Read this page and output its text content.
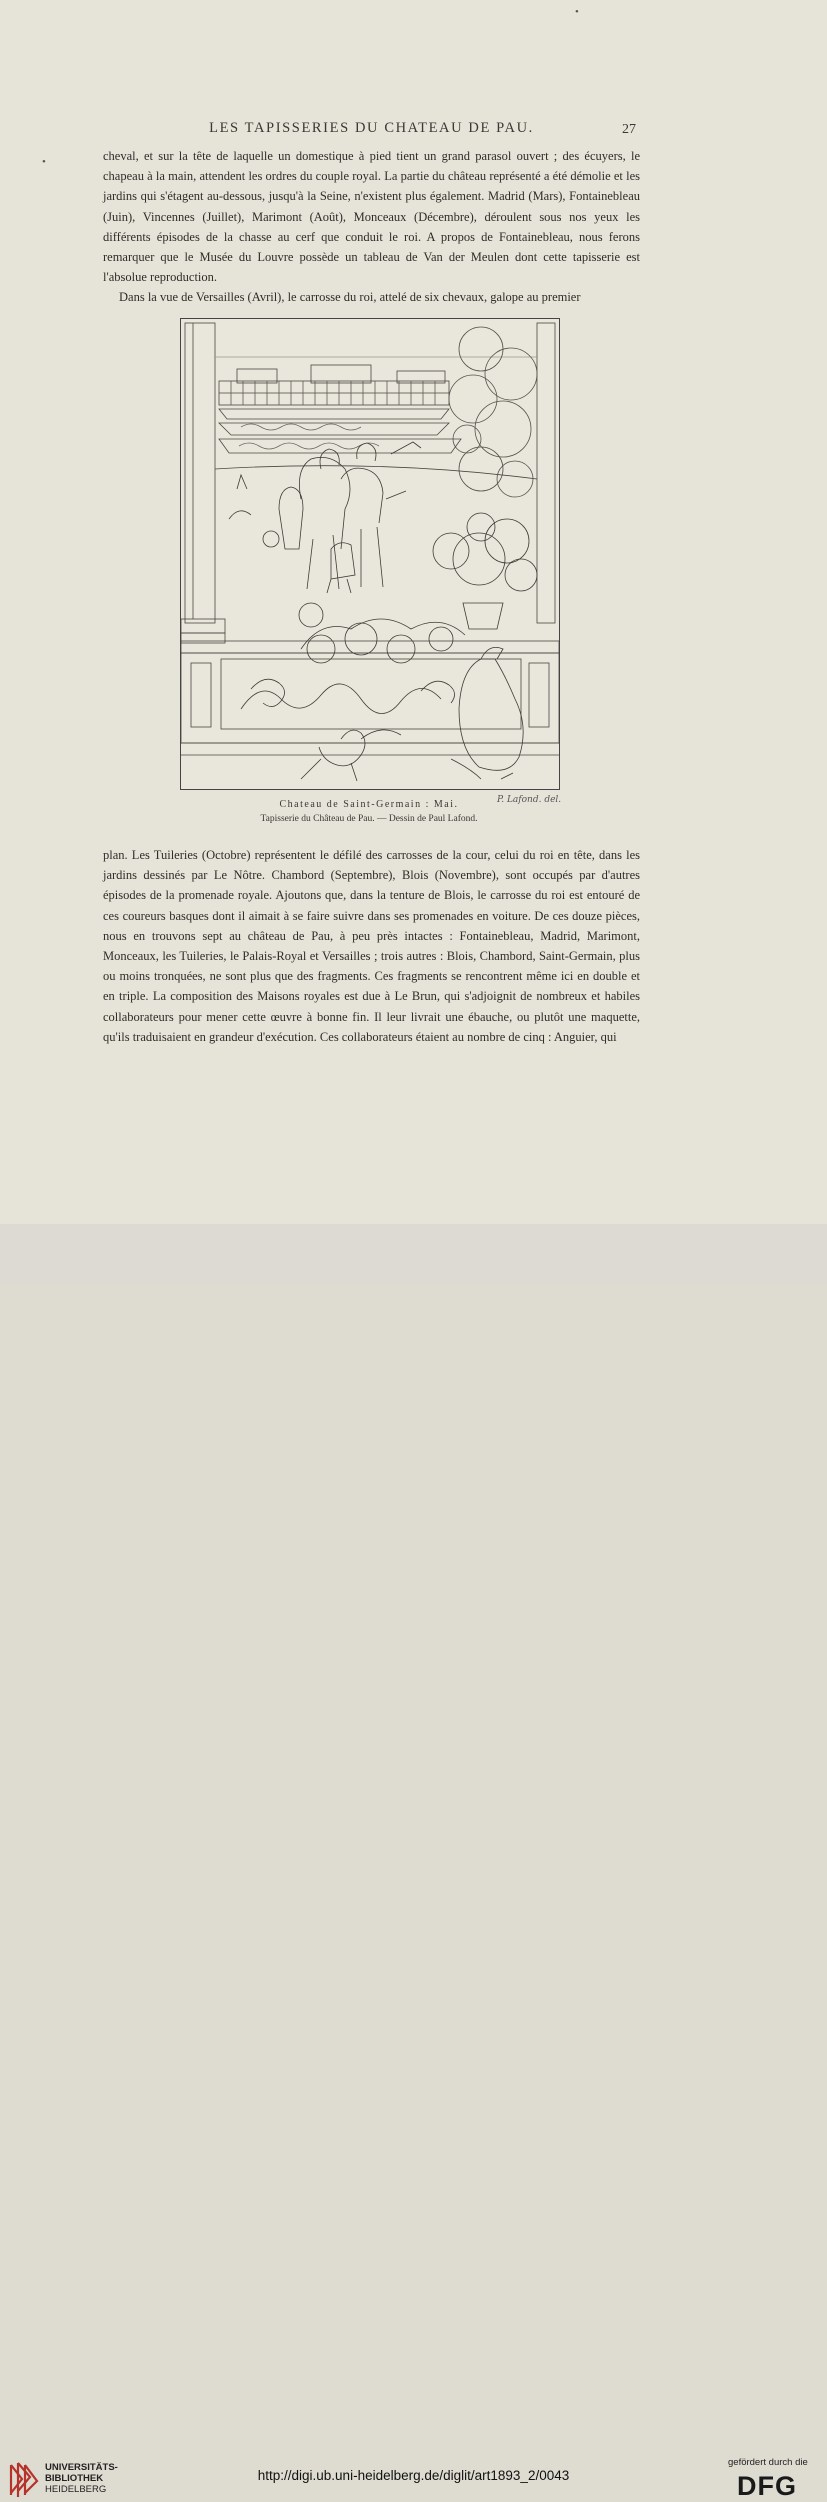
LES TAPISSERIES DU CHATEAU DE PAU.	27
•
•	cheval, et sur la tête de laquelle un domestique à pied tient un grand parasol ouvert ; des écuyers, le chapeau à la main, attendent les ordres du couple royal. La partie du château représenté a été démolie et les jardins qui s'étagent au-dessous, jusqu'à la Seine, n'existent plus également. Madrid (Mars), Fontainebleau (Juin), Vincennes (Juillet), Marimont (Août), Monceaux (Décembre), déroulent sous nos yeux les différents épisodes de la chasse au cerf que conduit le roi. A propos de Fontainebleau, nous ferons remarquer que le Musée du Louvre possède un tableau de Van der Meulen dont cette tapisserie est l'absolue reproduction.

Dans la vue de Versailles (Avril), le carrosse du roi, attelé de six chevaux, galope au premier

Chateau de Saint-Germain : Mai.	P. Lafond. del.
Tapisserie du Château de Pau. — Dessin de Paul Lafond.

plan. Les Tuileries (Octobre) représentent le défilé des carrosses de la cour, celui du roi en tête, dans les jardins dessinés par Le Nôtre. Chambord (Septembre), Blois (Novembre), sont occupés par d'autres épisodes de la promenade royale. Ajoutons que, dans la tenture de Blois, le carrosse du roi est entouré de ces coureurs basques dont il aimait à se faire suivre dans ses promenades en voiture. De ces douze pièces, nous en trouvons sept au château de Pau, à peu près intactes : Fontainebleau, Madrid, Marimont, Monceaux, les Tuileries, le Palais-Royal et Versailles ; trois autres : Blois, Chambord, Saint-Germain, plus ou moins tronquées, ne sont plus que des fragments. Ces fragments se rencontrent même ici en double et en triple. La composition des Maisons royales est due à Le Brun, qui s'adjoignit de nombreux et habiles collaborateurs pour mener cette œuvre à bonne fin. Il leur livrait une ébauche, ou plutôt une maquette, qu'ils traduisaient en grandeur d'exécution. Ces collaborateurs étaient au nombre de cinq : Anguier, qui

UNIVERSITÄTS-
BIBLIOTHEK
HEIDELBERG
http://digi.ub.uni-heidelberg.de/diglit/art1893_2/0043
gefördert durch die
DFG
